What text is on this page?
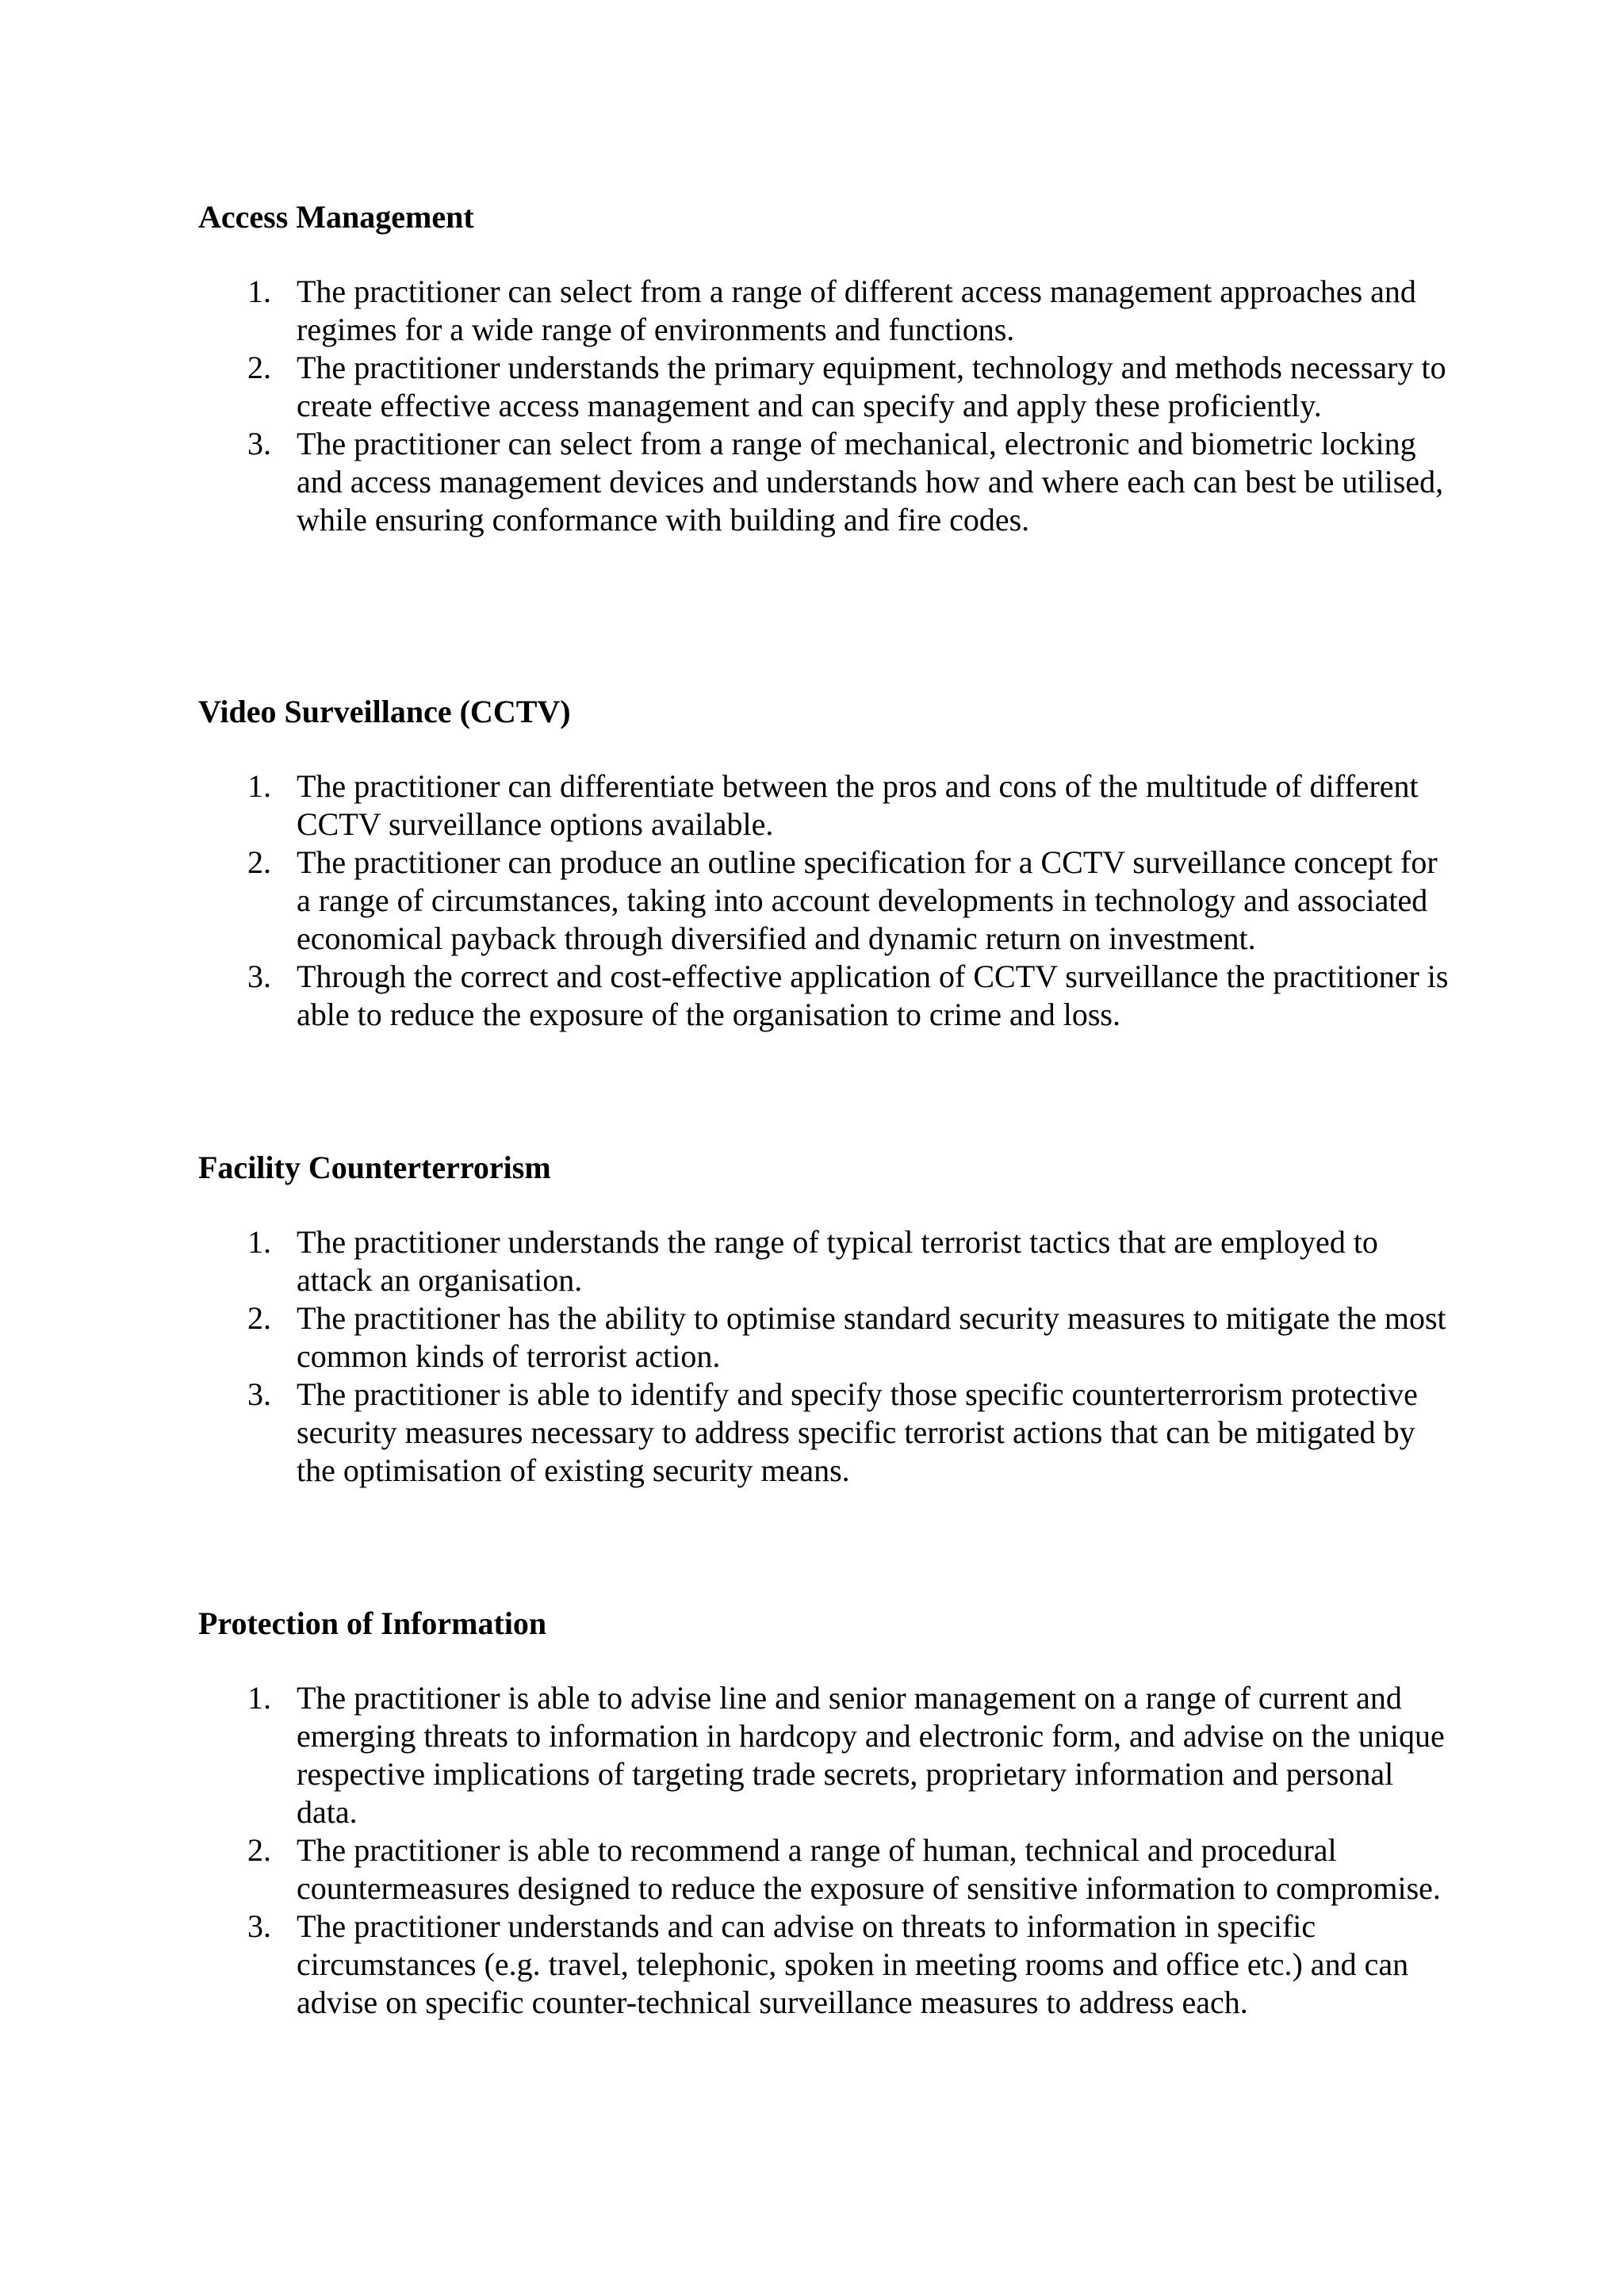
Access Management
1. The practitioner can select from a range of different access management approaches and regimes for a wide range of environments and functions.
2. The practitioner understands the primary equipment, technology and methods necessary to create effective access management and can specify and apply these proficiently.
3. The practitioner can select from a range of mechanical, electronic and biometric locking and access management devices and understands how and where each can best be utilised, while ensuring conformance with building and fire codes.
Video Surveillance (CCTV)
1. The practitioner can differentiate between the pros and cons of the multitude of different CCTV surveillance options available.
2. The practitioner can produce an outline specification for a CCTV surveillance concept for a range of circumstances, taking into account developments in technology and associated economical payback through diversified and dynamic return on investment.
3. Through the correct and cost-effective application of CCTV surveillance the practitioner is able to reduce the exposure of the organisation to crime and loss.
Facility Counterterrorism
1. The practitioner understands the range of typical terrorist tactics that are employed to attack an organisation.
2. The practitioner has the ability to optimise standard security measures to mitigate the most common kinds of terrorist action.
3. The practitioner is able to identify and specify those specific counterterrorism protective security measures necessary to address specific terrorist actions that can be mitigated by the optimisation of existing security means.
Protection of Information
1. The practitioner is able to advise line and senior management on a range of current and emerging threats to information in hardcopy and electronic form, and advise on the unique respective implications of targeting trade secrets, proprietary information and personal data.
2. The practitioner is able to recommend a range of human, technical and procedural countermeasures designed to reduce the exposure of sensitive information to compromise.
3. The practitioner understands and can advise on threats to information in specific circumstances (e.g. travel, telephonic, spoken in meeting rooms and office etc.) and can advise on specific counter-technical surveillance measures to address each.
